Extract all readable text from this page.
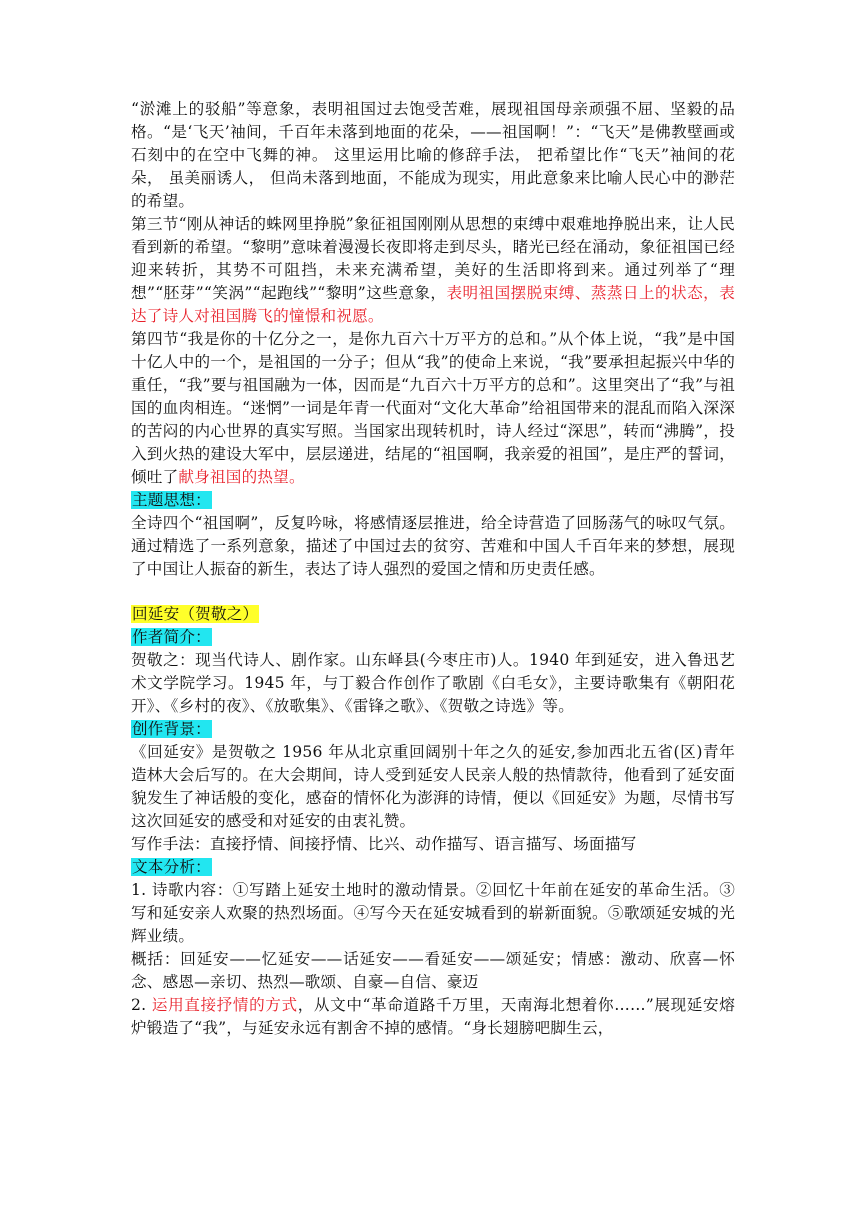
“淤滩上的驳船”等意象，表明祖国过去饱受苦难，展现祖国母亲顽强不屈、坚毅的品格。“是‘飞天’袖间，千百年未落到地面的花朵，——祖国啊！”：“飞天”是佛教壁画或石刻中的在空中飞舞的神。 这里运用比喻的修辞手法， 把希望比作“飞天”袖间的花朵， 虽美丽诱人， 但尚未落到地面，不能成为现实，用此意象来比喻人民心中的渺茫的希望。

第三节“刚从神话的蛛网里挣脱”象征祖国刚刚从思想的束缚中艰难地挣脱出来，让人民看到新的希望。“黎明”意味着漫漫长夜即将走到尽头，睹光已经在涌动，象征祖国已经迎来转折，其势不可阻挡，未来充满希望，美好的生活即将到来。通过列举了“理想”“胚芽”“笑涡”“起跑线”“黎明”这些意象，表明祖国摆脱束缚、蒸蒸日上的状态，表达了诗人对祖国腾飞的憧憬和祝愿。

第四节“我是你的十亿分之一，是你九百六十万平方的总和。”从个体上说，“我”是中国十亿人中的一个，是祖国的一分子；但从“我”的使命上来说，“我”要承担起振兴中华的重任，“我”要与祖国融为一体，因而是“九百六十万平方的总和”。这里突出了“我”与祖国的血肉相连。“迷惘”一词是年青一代面对“文化大革命”给祖国带来的混乱而陷入深深的苦闷的内心世界的真实写照。当国家出现转机时，诗人经过“深思”，转而“沸腾”，投入到火热的建设大军中，层层递进，结尾的“祖国啊，我亲爱的祖国”，是庄严的誓词，倾吐了献身祖国的热望。

主题思想：

全诗四个“祖国啊”，反复吟咏，将感情逐层推进，给全诗营造了回肠荡气的咏叹气氛。通过精选了一系列意象，描述了中国过去的贫穷、苦难和中国人千百年来的梦想，展现了中国让人振奋的新生，表达了诗人强烈的爱国之情和历史责任感。

回延安（贺敬之）

作者简介：

贺敬之：现当代诗人、剧作家。山东峄县(今枣庄市)人。1940 年到延安，进入鲁迅艺术文学院学习。1945 年，与丁毅合作创作了歌剧《白毛女》，主要诗歌集有《朝阳花开》、《乡村的夜》、《放歌集》、《雷锋之歌》、《贺敬之诗选》等。

创作背景：

《回延安》是贺敬之 1956 年从北京重回阔别十年之久的延安,参加西北五省(区)青年造林大会后写的。在大会期间，诗人受到延安人民亲人般的热情款待，他看到了延安面貌发生了神话般的变化，感奋的情怀化为澎湃的诗情，便以《回延安》为题，尽情书写这次回延安的感受和对延安的由衷礼赞。

写作手法：直接抒情、间接抒情、比兴、动作描写、语言描写、场面描写

文本分析：

1. 诗歌内容：①写踏上延安土地时的激动情景。②回忆十年前在延安的革命生活。③写和延安亲人欢聚的热烈场面。④写今天在延安城看到的崭新面貌。⑤歌颂延安城的光辉业绩。

概括：回延安——忆延安——话延安——看延安——颂延安；情感：激动、欣喜—怀念、感恩—亲切、热烈—歌颂、自豪—自信、豪迈

2. 运用直接抒情的方式，从文中“革命道路千万里，天南海北想着你……”展现延安熔炉锻造了“我”，与延安永远有割舍不掉的感情。“身长翅膀吧脚生云，
